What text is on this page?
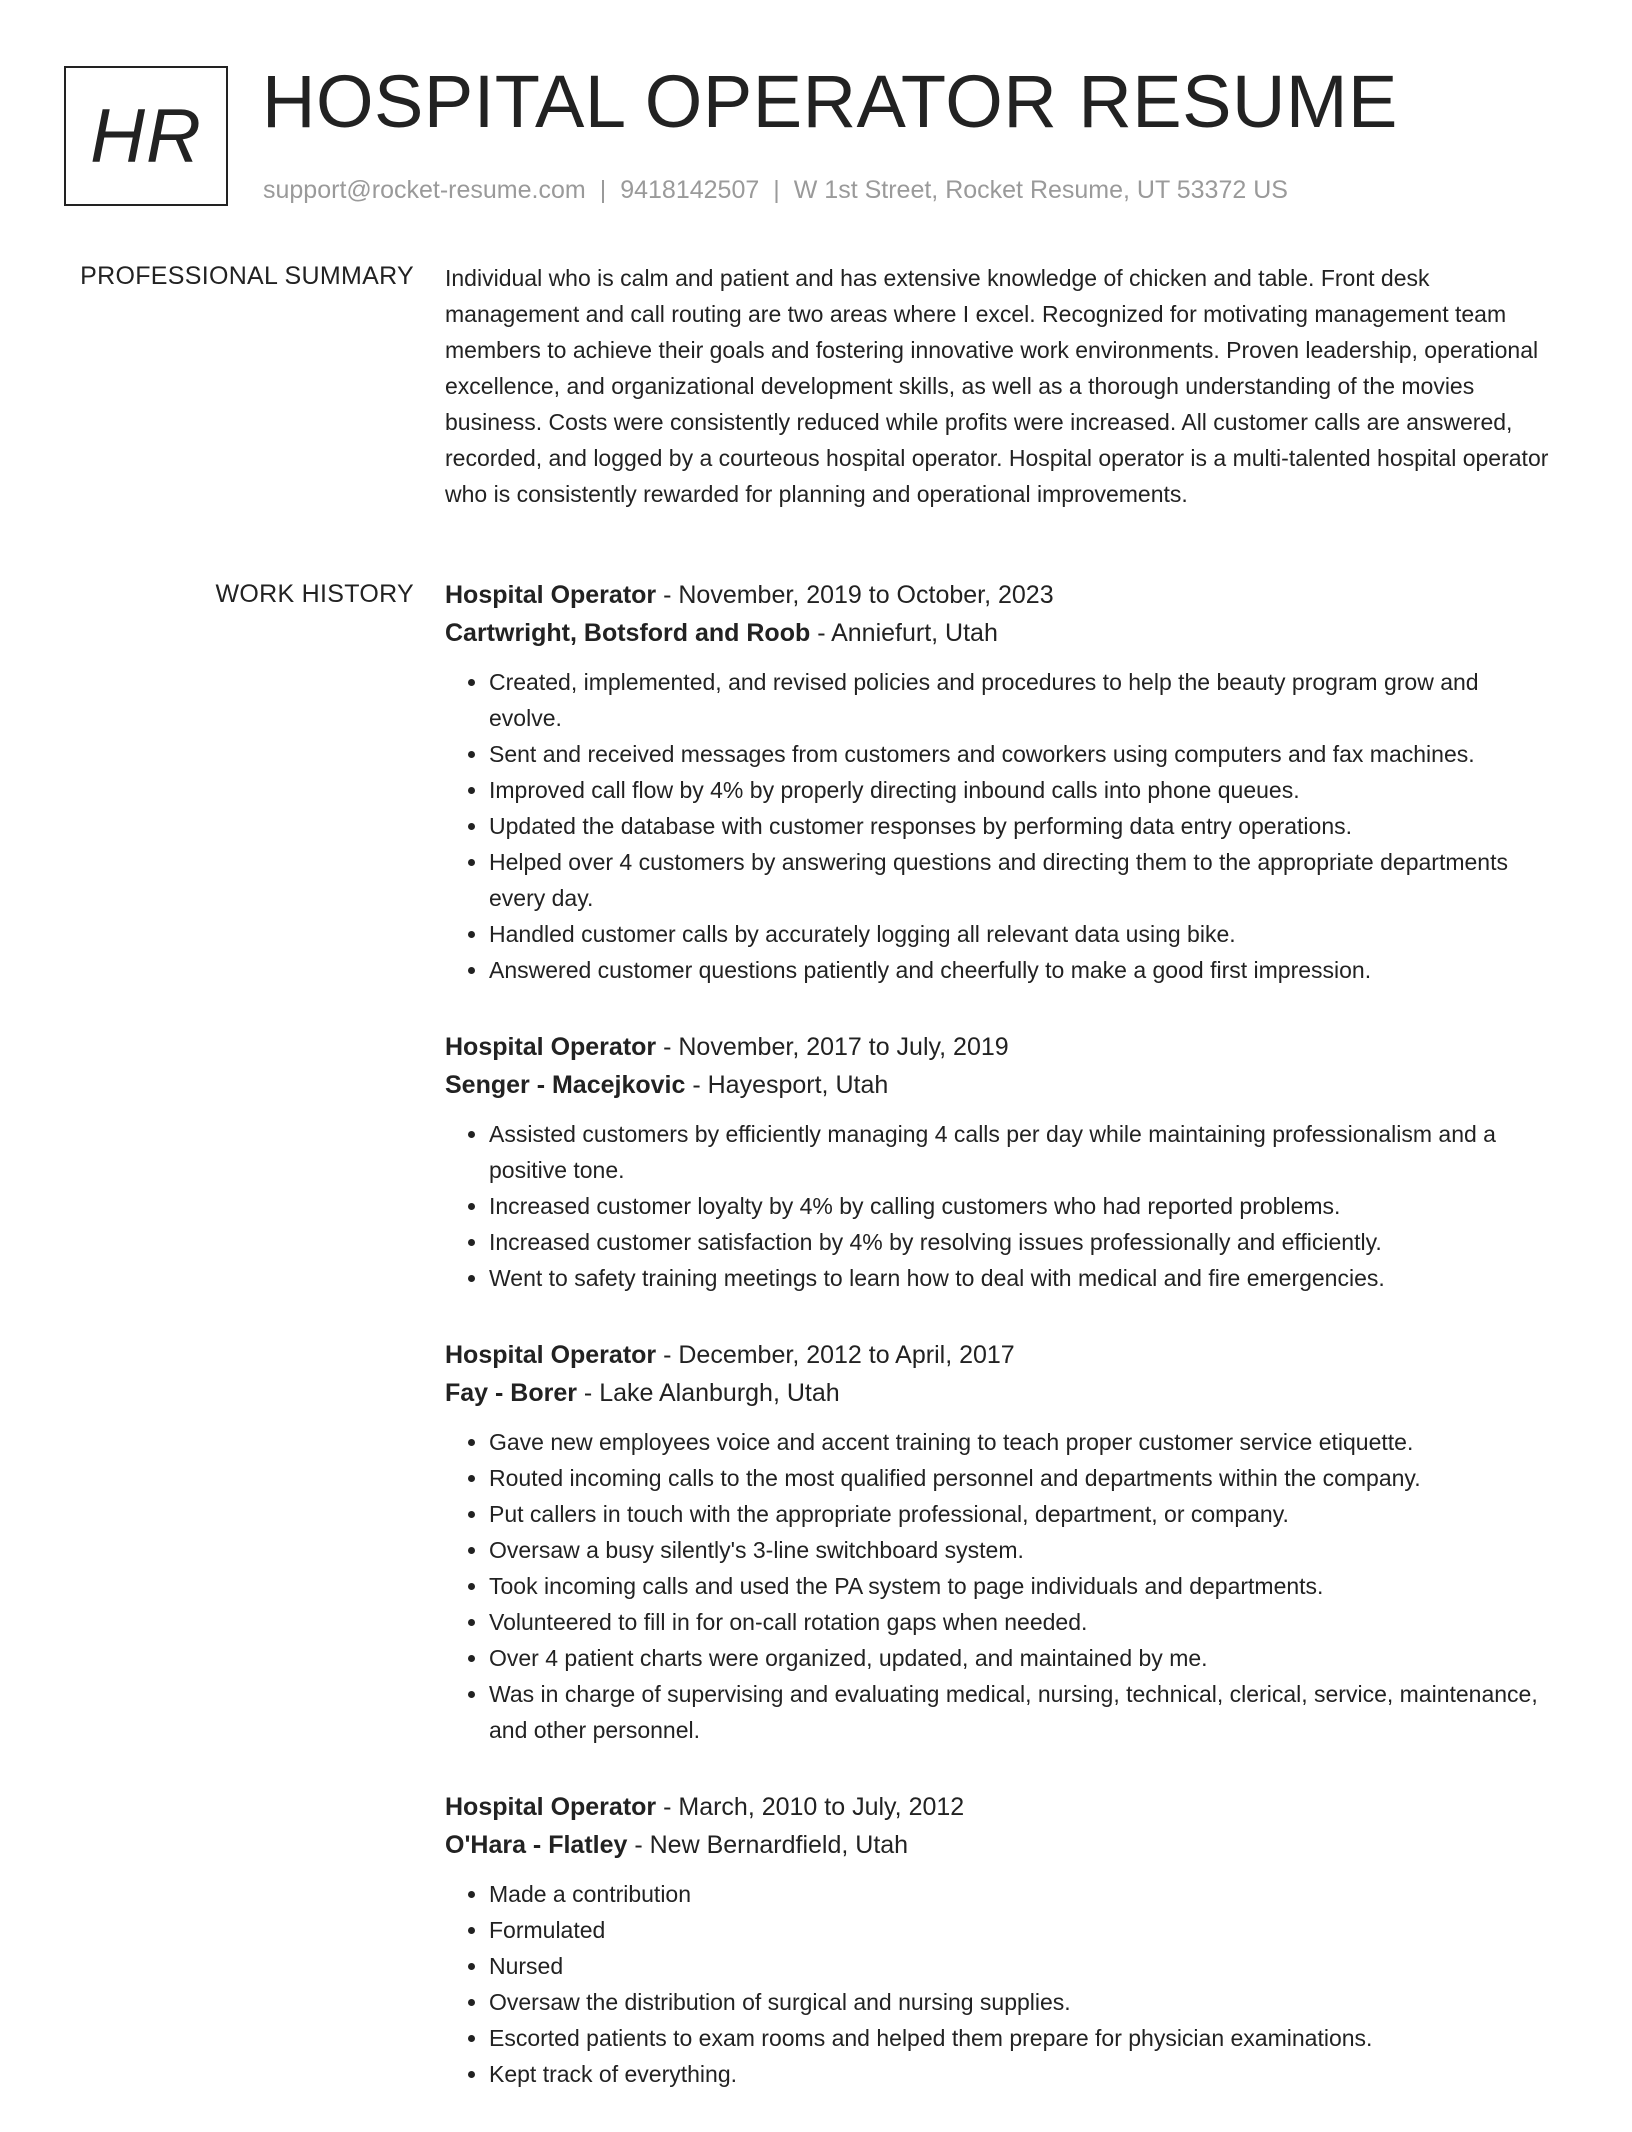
HR HOSPITAL OPERATOR RESUME
support@rocket-resume.com | 9418142507 | W 1st Street, Rocket Resume, UT 53372 US
PROFESSIONAL SUMMARY Individual who is calm and patient and has extensive knowledge of chicken and table. Front desk management and call routing are two areas where I excel. Recognized for motivating management team members to achieve their goals and fostering innovative work environments. Proven leadership, operational excellence, and organizational development skills, as well as a thorough understanding of the movies business. Costs were consistently reduced while profits were increased. All customer calls are answered, recorded, and logged by a courteous hospital operator. Hospital operator is a multi-talented hospital operator who is consistently rewarded for planning and operational improvements.

WORK HISTORY Hospital Operator - November, 2019 to October, 2023
Cartwright, Botsford and Roob - Anniefurt, Utah
• Created, implemented, and revised policies and procedures to help the beauty program grow and evolve.
• Sent and received messages from customers and coworkers using computers and fax machines.
• Improved call flow by 4% by properly directing inbound calls into phone queues.
• Updated the database with customer responses by performing data entry operations.
• Helped over 4 customers by answering questions and directing them to the appropriate departments every day.
• Handled customer calls by accurately logging all relevant data using bike.
• Answered customer questions patiently and cheerfully to make a good first impression.
Hospital Operator - November, 2017 to July, 2019
Senger - Macejkovic - Hayesport, Utah
• Assisted customers by efficiently managing 4 calls per day while maintaining professionalism and a positive tone.
• Increased customer loyalty by 4% by calling customers who had reported problems.
• Increased customer satisfaction by 4% by resolving issues professionally and efficiently.
• Went to safety training meetings to learn how to deal with medical and fire emergencies.
Hospital Operator - December, 2012 to April, 2017
Fay - Borer - Lake Alanburgh, Utah
• Gave new employees voice and accent training to teach proper customer service etiquette.
• Routed incoming calls to the most qualified personnel and departments within the company.
• Put callers in touch with the appropriate professional, department, or company.
• Oversaw a busy silently's 3-line switchboard system.
• Took incoming calls and used the PA system to page individuals and departments.
• Volunteered to fill in for on-call rotation gaps when needed.
• Over 4 patient charts were organized, updated, and maintained by me.
• Was in charge of supervising and evaluating medical, nursing, technical, clerical, service, maintenance, and other personnel.
Hospital Operator - March, 2010 to July, 2012
O'Hara - Flatley - New Bernardfield, Utah
• Made a contribution
• Formulated
• Nursed
• Oversaw the distribution of surgical and nursing supplies.
• Escorted patients to exam rooms and helped them prepare for physician examinations.
• Kept track of everything.
